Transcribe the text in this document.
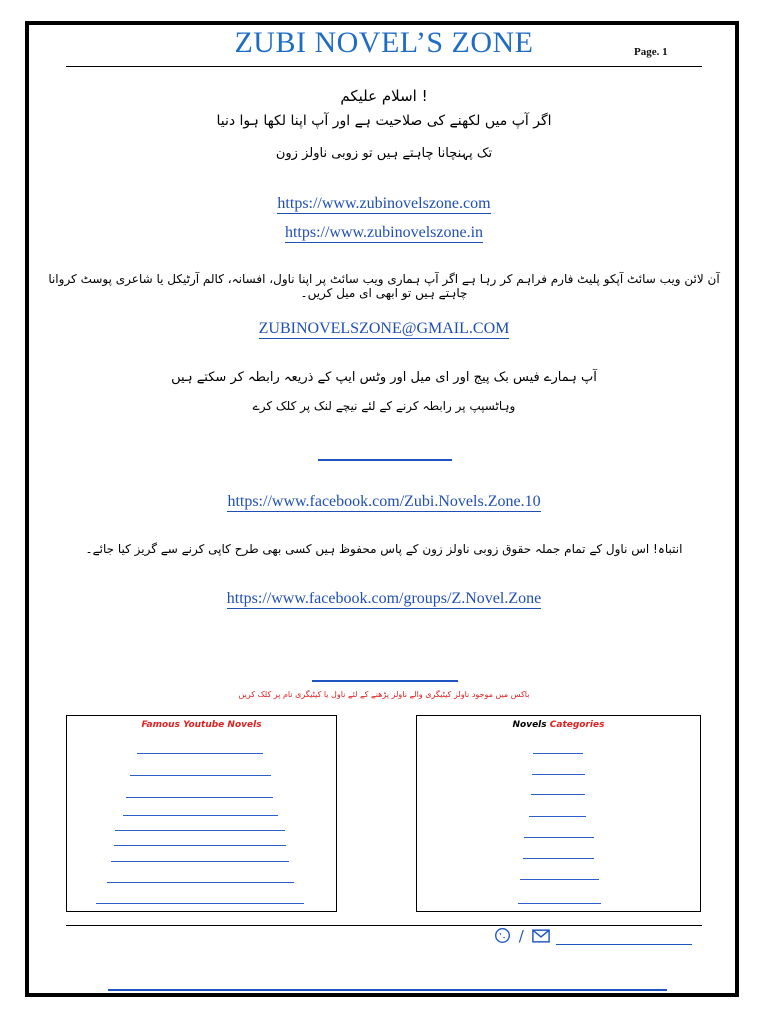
ZUBI NOVEL’S ZONE	Page. 1
! اسلام علیکم
اگر آپ میں لکھنے کی صلاحیت ہے اور آپ اپنا لکھا ہوا دنیا
تک پہنچانا چاہتے ہیں تو زوبی ناولز زون
https://www.zubinovelszone.com
https://www.zubinovelszone.in
آن لائن ویب سائٹ آپکو پلیٹ فارم فراہم کر رہا ہے اگر آپ ہماری ویب سائٹ پر اپنا ناول، افسانہ، کالم آرٹیکل یا شاعری پوسٹ کروانا چاہتے ہیں تو ابھی ای میل کریں۔
ZUBINOVELSZONE@GMAIL.COM
آپ ہمارے فیس بک پیج اور ای میل اور وٹس ایپ کے ذریعہ رابطہ کر سکتے ہیں
وہاٹسپپ پر رابطہ کرنے کے لئے نیچے لنک پر کلک کرے
https://www.facebook.com/Zubi.Novels.Zone.10
انتباہ! اس ناول کے تمام جملہ حقوق زوبی ناولز زون کے پاس محفوظ ہیں کسی بھی طرح کاپی کرنے سے گریز کیا جائے۔
https://www.facebook.com/groups/Z.Novel.Zone
باکس میں موجود ناولز کیٹیگری والے ناولز پڑھنے کے لئے ناول یا کیٹیگری نام پر کلک کریں
Famous Youtube Novels	Novels Categories
/
